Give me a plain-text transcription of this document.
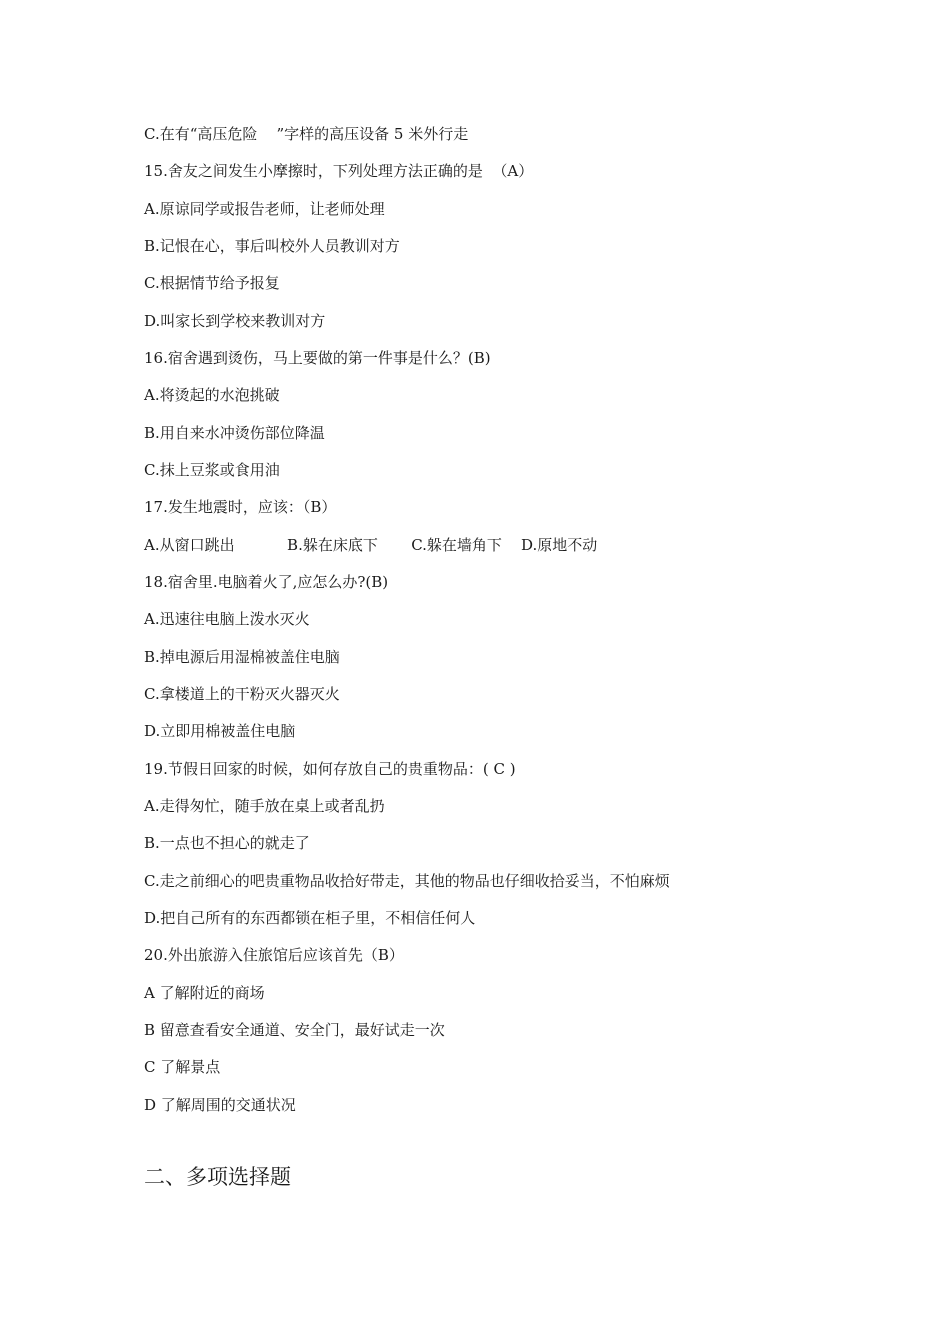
C.在有“高压危险    ”字样的高压设备 5 米外行走
15.舍友之间发生小摩擦时，下列处理方法正确的是  （A）
A.原谅同学或报告老师，让老师处理
B.记恨在心，事后叫校外人员教训对方
C.根据情节给予报复
D.叫家长到学校来教训对方
16.宿舍遇到烫伤，马上要做的第一件事是什么？(B)
A.将烫起的水泡挑破
B.用自来水冲烫伤部位降温
C.抹上豆浆或食用油
17.发生地震时，应该：（B）
A.从窗口跳出           B.躲在床底下       C.躲在墙角下    D.原地不动
18.宿舍里.电脑着火了,应怎么办?(B)
A.迅速往电脑上泼水灭火
B.掉电源后用湿棉被盖住电脑
C.拿楼道上的干粉灭火器灭火
D.立即用棉被盖住电脑
19.节假日回家的时候，如何存放自己的贵重物品：( C )
A.走得匆忙，随手放在桌上或者乱扔
B.一点也不担心的就走了
C.走之前细心的吧贵重物品收拾好带走，其他的物品也仔细收拾妥当，不怕麻烦
D.把自己所有的东西都锁在柜子里，不相信任何人
20.外出旅游入住旅馆后应该首先（B）
A 了解附近的商场
B 留意查看安全通道、安全门，最好试走一次
C 了解景点
D 了解周围的交通状况
二、多项选择题
